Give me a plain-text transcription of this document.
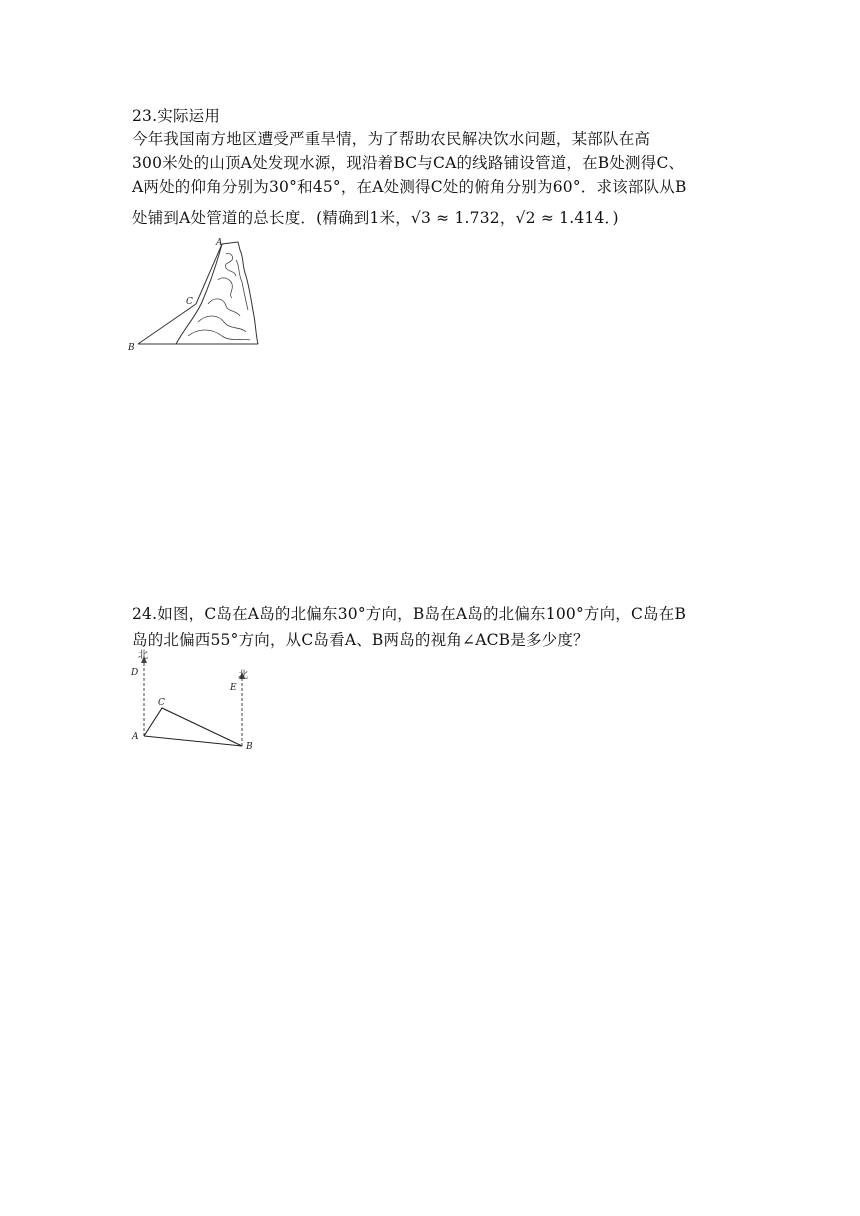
23.实际运用
今年我国南方地区遭受严重旱情，为了帮助农民解决饮水问题，某部队在高
300米处的山顶A处发现水源，现沿着BC与CA的线路铺设管道，在B处测得C、
A两处的仰角分别为30°和45°，在A处测得C处的俯角分别为60°．求该部队从B
处铺到A处管道的总长度．(精确到1米，√3 ≈ 1.732，√2 ≈ 1.414．)
A
C
B
24.如图，C岛在A岛的北偏东30°方向，B岛在A岛的北偏东100°方向，C岛在B
岛的北偏西55°方向，从C岛看A、B两岛的视角∠ACB是多少度？
北
北
D
E
C
A
B
